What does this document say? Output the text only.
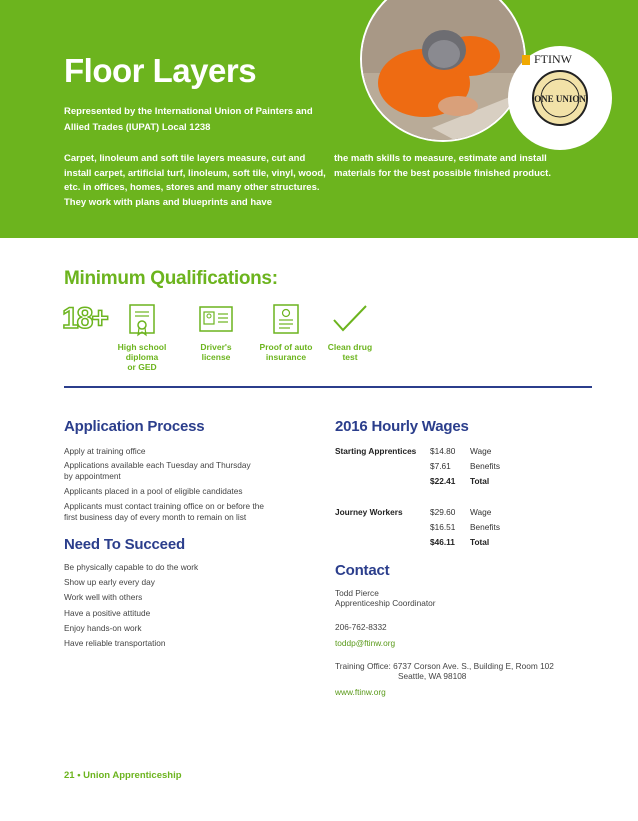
FTINW
ONE UNION
Floor Layers
Represented by the International Union of Painters and Allied Trades (IUPAT) Local 1238
Carpet, linoleum and soft tile layers measure, cut and install carpet, artificial turf, linoleum, soft tile, vinyl, wood, etc. in offices, homes, stores and many other structures. They work with plans and blueprints and have
the math skills to measure, estimate and install materials for the best possible finished product.
Minimum Qualifications:
18+
High school
diploma
or GED
Driver's
license
Proof of auto
insurance
Clean drug
test
Application Process
Apply at training office
Applications available each Tuesday and Thursday
by appointment
Applicants placed in a pool of eligible candidates
Applicants must contact training office on or before the
first business day of every month to remain on list
Need To Succeed
Be physically capable to do the work
Show up early every day
Work well with others
Have a positive attitude
Enjoy hands-on work
Have reliable transportation
2016 Hourly Wages
Starting Apprentices $14.80 Wage
$7.61 Benefits
$22.41 Total
Journey Workers	$29.60 Wage
$16.51 Benefits
$46.11 Total
Contact
Todd Pierce
Apprenticeship Coordinator
206-762-8332
toddp@ftinw.org
Training Office: 6737 Corson Ave. S., Building E, Room 102
Seattle, WA 98108
www.ftinw.org
21 • Union Apprenticeship
